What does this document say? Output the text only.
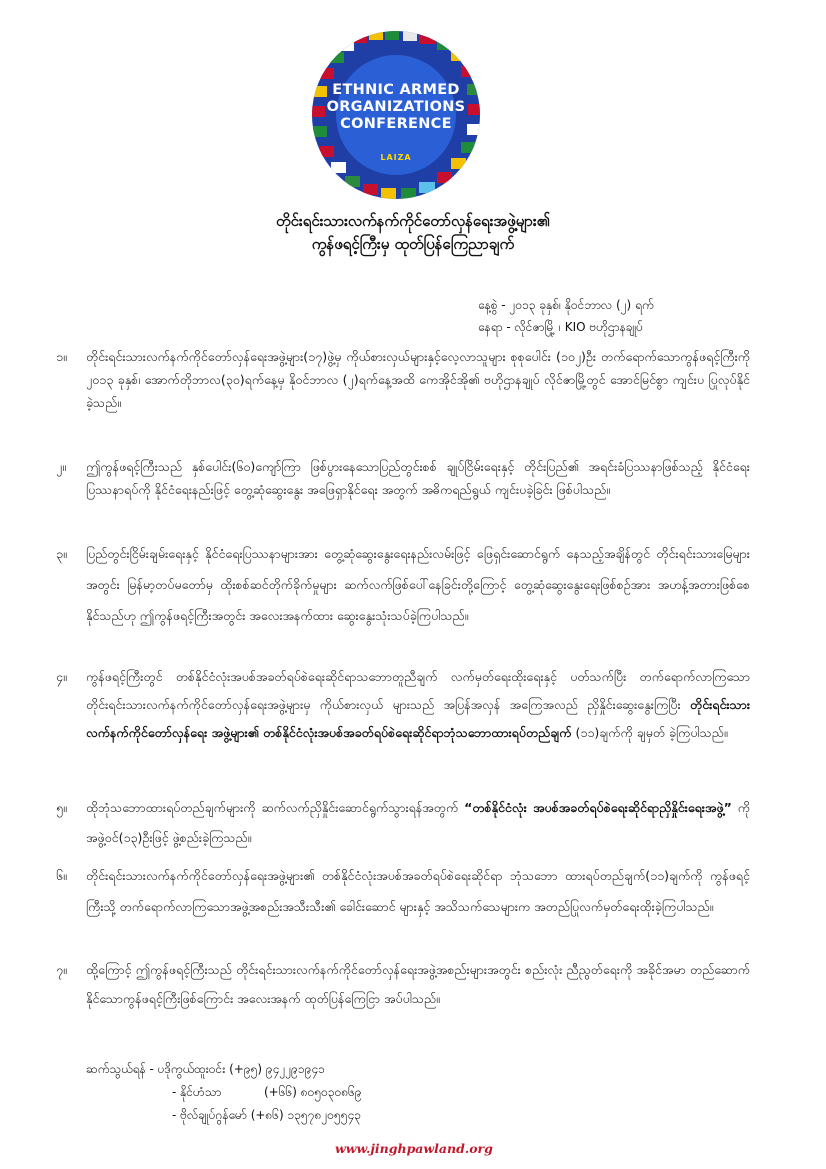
ETHNIC ARMED
ORGANIZATIONS
CONFERENCE
LAIZA
တိုင်းရင်းသားလက်နက်ကိုင်တော်လှန်ရေးအဖွဲ့များ၏
ကွန်ဖရင့်ကြီးမှ ထုတ်ပြန်ကြေညာချက်
နေ့စွဲ - ၂၀၁၃ ခုနှစ်၊ နိုဝင်ဘာလ (၂) ရက်
နေရာ - လိုင်ဇာမြို့ ၊ KIO ဗဟိုဌာနချုပ်
၁။ တိုင်းရင်းသားလက်နက်ကိုင်တော်လှန်ရေးအဖွဲ့များ(၁၇)ဖွဲ့မှ ကိုယ်စားလှယ်များနှင့်လေ့လာသူများ စုစုပေါင်း (၁၀၂)ဦး တက်ရောက်သောကွန်ဖရင့်ကြီးကို ၂၀၁၃ ခုနှစ်၊ အောက်တိုဘာလ(၃၀)ရက်နေ့မှ နိုဝင်ဘာလ (၂)ရက်နေ့အထိ ကေအိုင်အို၏ ဗဟိုဌာနချုပ် လိုင်ဇာမြို့တွင် အောင်မြင်စွာ ကျင်းပ ပြုလုပ်နိုင်ခဲ့သည်။
၂။ ဤကွန်ဖရင့်ကြီးသည် နှစ်ပေါင်း(၆၀)ကျော်ကြာ ဖြစ်ပွားနေသောပြည်တွင်းစစ် ချုပ်ငြိမ်းရေးနှင့် တိုင်းပြည်၏ အရင်းခံပြဿနာဖြစ်သည့် နိုင်ငံရေးပြဿနာရပ်ကို နိုင်ငံရေးနည်းဖြင့် တွေ့ဆုံဆွေးနွေး အဖြေရှာနိုင်ရေး အတွက် အဓိကရည်ရွယ် ကျင်းပခဲ့ခြင်း ဖြစ်ပါသည်။
၃။ ပြည်တွင်းငြိမ်းချမ်းရေးနှင့် နိုင်ငံရေးပြဿနာများအား တွေ့ဆုံဆွေးနွေးရေးနည်းလမ်းဖြင့် ဖြေရှင်းဆောင်ရွက် နေသည့်အချိန်တွင် တိုင်းရင်းသားမြေများအတွင်း မြန်မာ့တပ်မတော်မှ ထိုးစစ်ဆင်တိုက်ခိုက်မှုများ ဆက်လက်ဖြစ်ပေါ်နေခြင်းတို့ကြောင့် တွေ့ဆုံဆွေးနွေးရေးဖြစ်စဉ်အား အဟန့်အတားဖြစ်စေနိုင်သည်ဟု ဤကွန်ဖရင့်ကြီးအတွင်း အလေးအနက်ထား ဆွေးနွေးသုံးသပ်ခဲ့ကြပါသည်။
၄။ ကွန်ဖရင့်ကြီးတွင် တစ်နိုင်ငံလုံးအပစ်အခတ်ရပ်စဲရေးဆိုင်ရာသဘောတူညီချက် လက်မှတ်ရေးထိုးရေးနှင့် ပတ်သက်ပြီး တက်ရောက်လာကြသော တိုင်းရင်းသားလက်နက်ကိုင်တော်လှန်ရေးအဖွဲ့များမှ ကိုယ်စားလှယ် များသည် အပြန်အလှန် အကြေအလည် ညှိနှိုင်းဆွေးနွေးကြပြီး တိုင်းရင်းသားလက်နက်ကိုင်တော်လှန်ရေး အဖွဲ့များ၏ တစ်နိုင်ငံလုံးအပစ်အခတ်ရပ်စဲရေးဆိုင်ရာဘုံသဘောထားရပ်တည်ချက် (၁၁)ချက်ကို ချမှတ် ခဲ့ကြပါသည်။
၅။ ထိုဘုံသဘောထားရပ်တည်ချက်များကို ဆက်လက်ညှိနှိုင်းဆောင်ရွက်သွားရန်အတွက် “တစ်နိုင်ငံလုံး အပစ်အခတ်ရပ်စဲရေးဆိုင်ရာညှိနှိုင်းရေးအဖွဲ့” ကို အဖွဲ့ဝင်(၁၃)ဦးဖြင့် ဖွဲ့စည်းခဲ့ကြသည်။
၆။ တိုင်းရင်းသားလက်နက်ကိုင်တော်လှန်ရေးအဖွဲ့များ၏ တစ်နိုင်ငံလုံးအပစ်အခတ်ရပ်စဲရေးဆိုင်ရာ ဘုံသဘော ထားရပ်တည်ချက်(၁၁)ချက်ကို ကွန်ဖရင့်ကြီးသို့ တက်ရောက်လာကြသောအဖွဲ့အစည်းအသီးသီး၏ ခေါင်းဆောင် များနှင့် အသိသက်သေများက အတည်ပြုလက်မှတ်ရေးထိုးခဲ့ကြပါသည်။
၇။ ထို့ကြောင့် ဤကွန်ဖရင့်ကြီးသည် တိုင်းရင်းသားလက်နက်ကိုင်တော်လှန်ရေးအဖွဲ့အစည်းများအတွင်း စည်းလုံး ညီညွတ်ရေးကို အခိုင်အမာ တည်ဆောက်နိုင်သောကွန်ဖရင့်ကြီးဖြစ်ကြောင်း အလေးအနက် ထုတ်ပြန်ကြေငြာ အပ်ပါသည်။
ဆက်သွယ်ရန် - ပဒိုကွယ်ထူးဝင်း (+၉၅) ၉၄၂၂၉၁၉၄၁
- နိုင်ဟံသာ	(+၆၆) ၈၀၅၀၃၀၈၆၉
- ဗိုလ်ချုပ်ဂွန်မော် (+၈၆) ၁၃၅၇၈၂၀၅၅၄၃
www.jinghpawland.org
